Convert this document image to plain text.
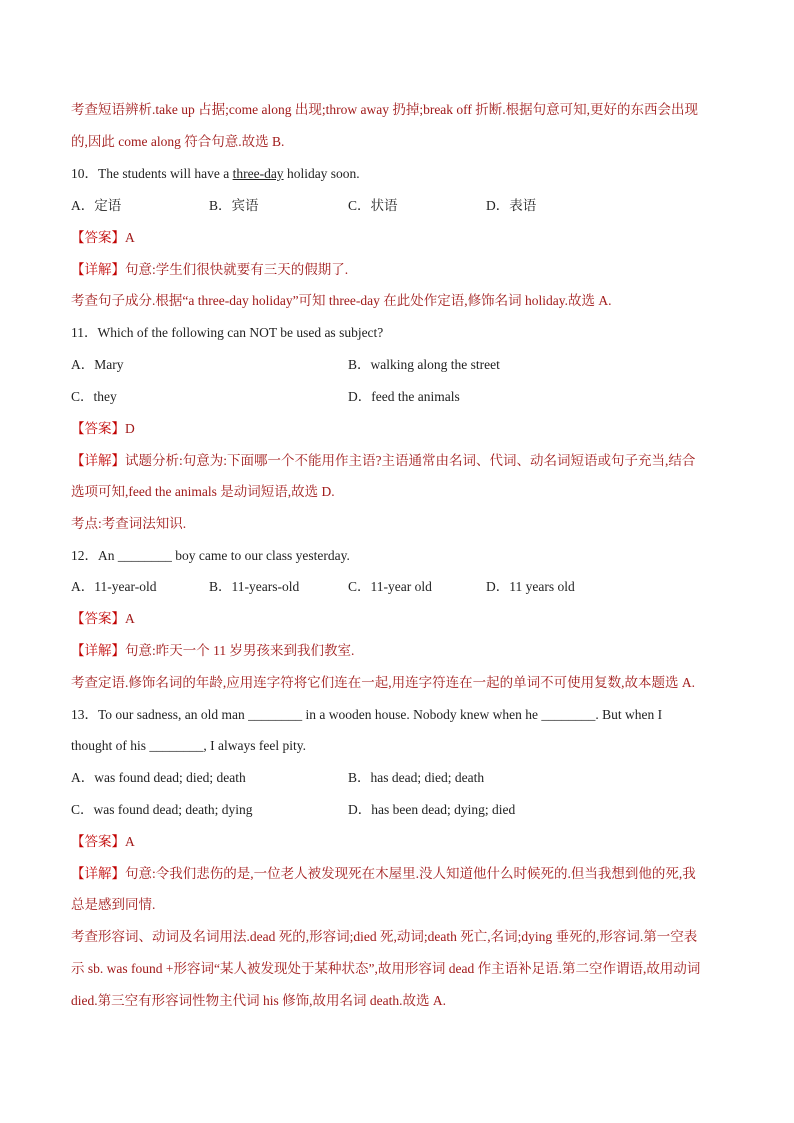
考查短语辨析.take up 占据;come along 出现;throw away 扔掉;break off 折断.根据句意可知,更好的东西会出现
的,因此 come along 符合句意.故选 B.
10．The students will have a three-day holiday soon.
A．定语	B．宾语	C．状语	D．表语
【答案】A
【详解】句意:学生们很快就要有三天的假期了.
考查句子成分.根据“a three-day holiday”可知 three-day 在此处作定语,修饰名词 holiday.故选 A.
11．Which of the following can NOT be used as subject?
A．Mary	B．walking along the street
C．they	D．feed the animals
【答案】D
【详解】试题分析:句意为:下面哪一个不能用作主语?主语通常由名词、代词、动名词短语或句子充当,结合
选项可知,feed the animals 是动词短语,故选 D.
考点:考查词法知识.
12．An ________ boy came to our class yesterday.
A．11-year-old	B．11-years-old	C．11-year old	D．11 years old
【答案】A
【详解】句意:昨天一个 11 岁男孩来到我们教室.
考查定语.修饰名词的年龄,应用连字符将它们连在一起,用连字符连在一起的单词不可使用复数,故本题选 A.
13．To our sadness, an old man ________ in a wooden house. Nobody knew when he ________. But when I
thought of his ________, I always feel pity.
A．was found dead; died; death	B．has dead; died; death
C．was found dead; death; dying	D．has been dead; dying; died
【答案】A
【详解】句意:令我们悲伤的是,一位老人被发现死在木屋里.没人知道他什么时候死的.但当我想到他的死,我
总是感到同情.
考查形容词、动词及名词用法.dead 死的,形容词;died 死,动词;death 死亡,名词;dying 垂死的,形容词.第一空表
示 sb. was found +形容词“某人被发现处于某种状态”,故用形容词 dead 作主语补足语.第二空作谓语,故用动词
died.第三空有形容词性物主代词 his 修饰,故用名词 death.故选 A.
